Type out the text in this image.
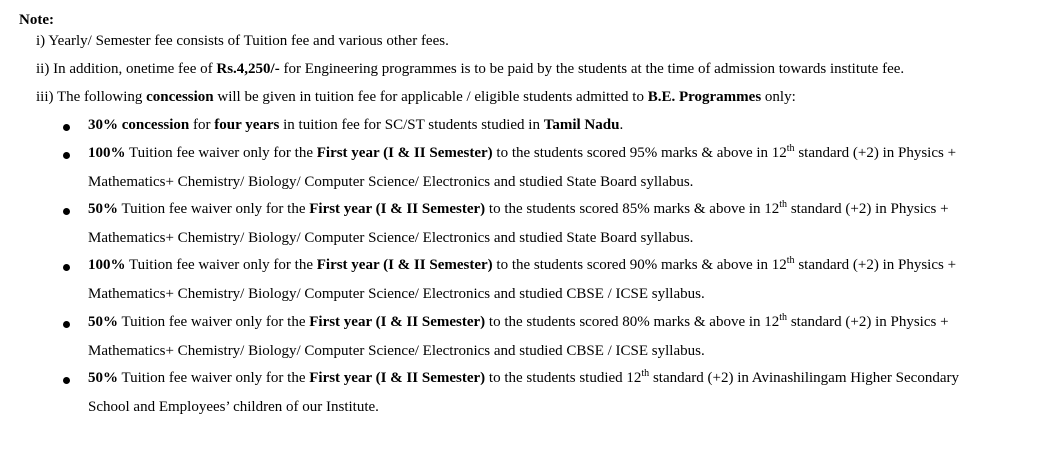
Note:
i) Yearly/ Semester fee consists of Tuition fee and various other fees.
ii) In addition, onetime fee of Rs.4,250/- for Engineering programmes is to be paid by the students at the time of admission towards institute fee.
iii) The following concession will be given in tuition fee for applicable / eligible students admitted to B.E. Programmes only:
30% concession for four years in tuition fee for SC/ST students studied in Tamil Nadu.
100% Tuition fee waiver only for the First year (I & II Semester) to the students scored 95% marks & above in 12th standard (+2) in Physics +
Mathematics+ Chemistry/ Biology/ Computer Science/ Electronics and studied State Board syllabus.
50% Tuition fee waiver only for the First year (I & II Semester) to the students scored 85% marks & above in 12th standard (+2) in Physics +
Mathematics+ Chemistry/ Biology/ Computer Science/ Electronics and studied State Board syllabus.
100% Tuition fee waiver only for the First year (I & II Semester) to the students scored 90% marks & above in 12th standard (+2) in Physics +
Mathematics+ Chemistry/ Biology/ Computer Science/ Electronics and studied CBSE / ICSE syllabus.
50% Tuition fee waiver only for the First year (I & II Semester) to the students scored 80% marks & above in 12th standard (+2) in Physics +
Mathematics+ Chemistry/ Biology/ Computer Science/ Electronics and studied CBSE / ICSE syllabus.
50% Tuition fee waiver only for the First year (I & II Semester) to the students studied 12th standard (+2) in Avinashilingam Higher Secondary
School and Employees’ children of our Institute.
